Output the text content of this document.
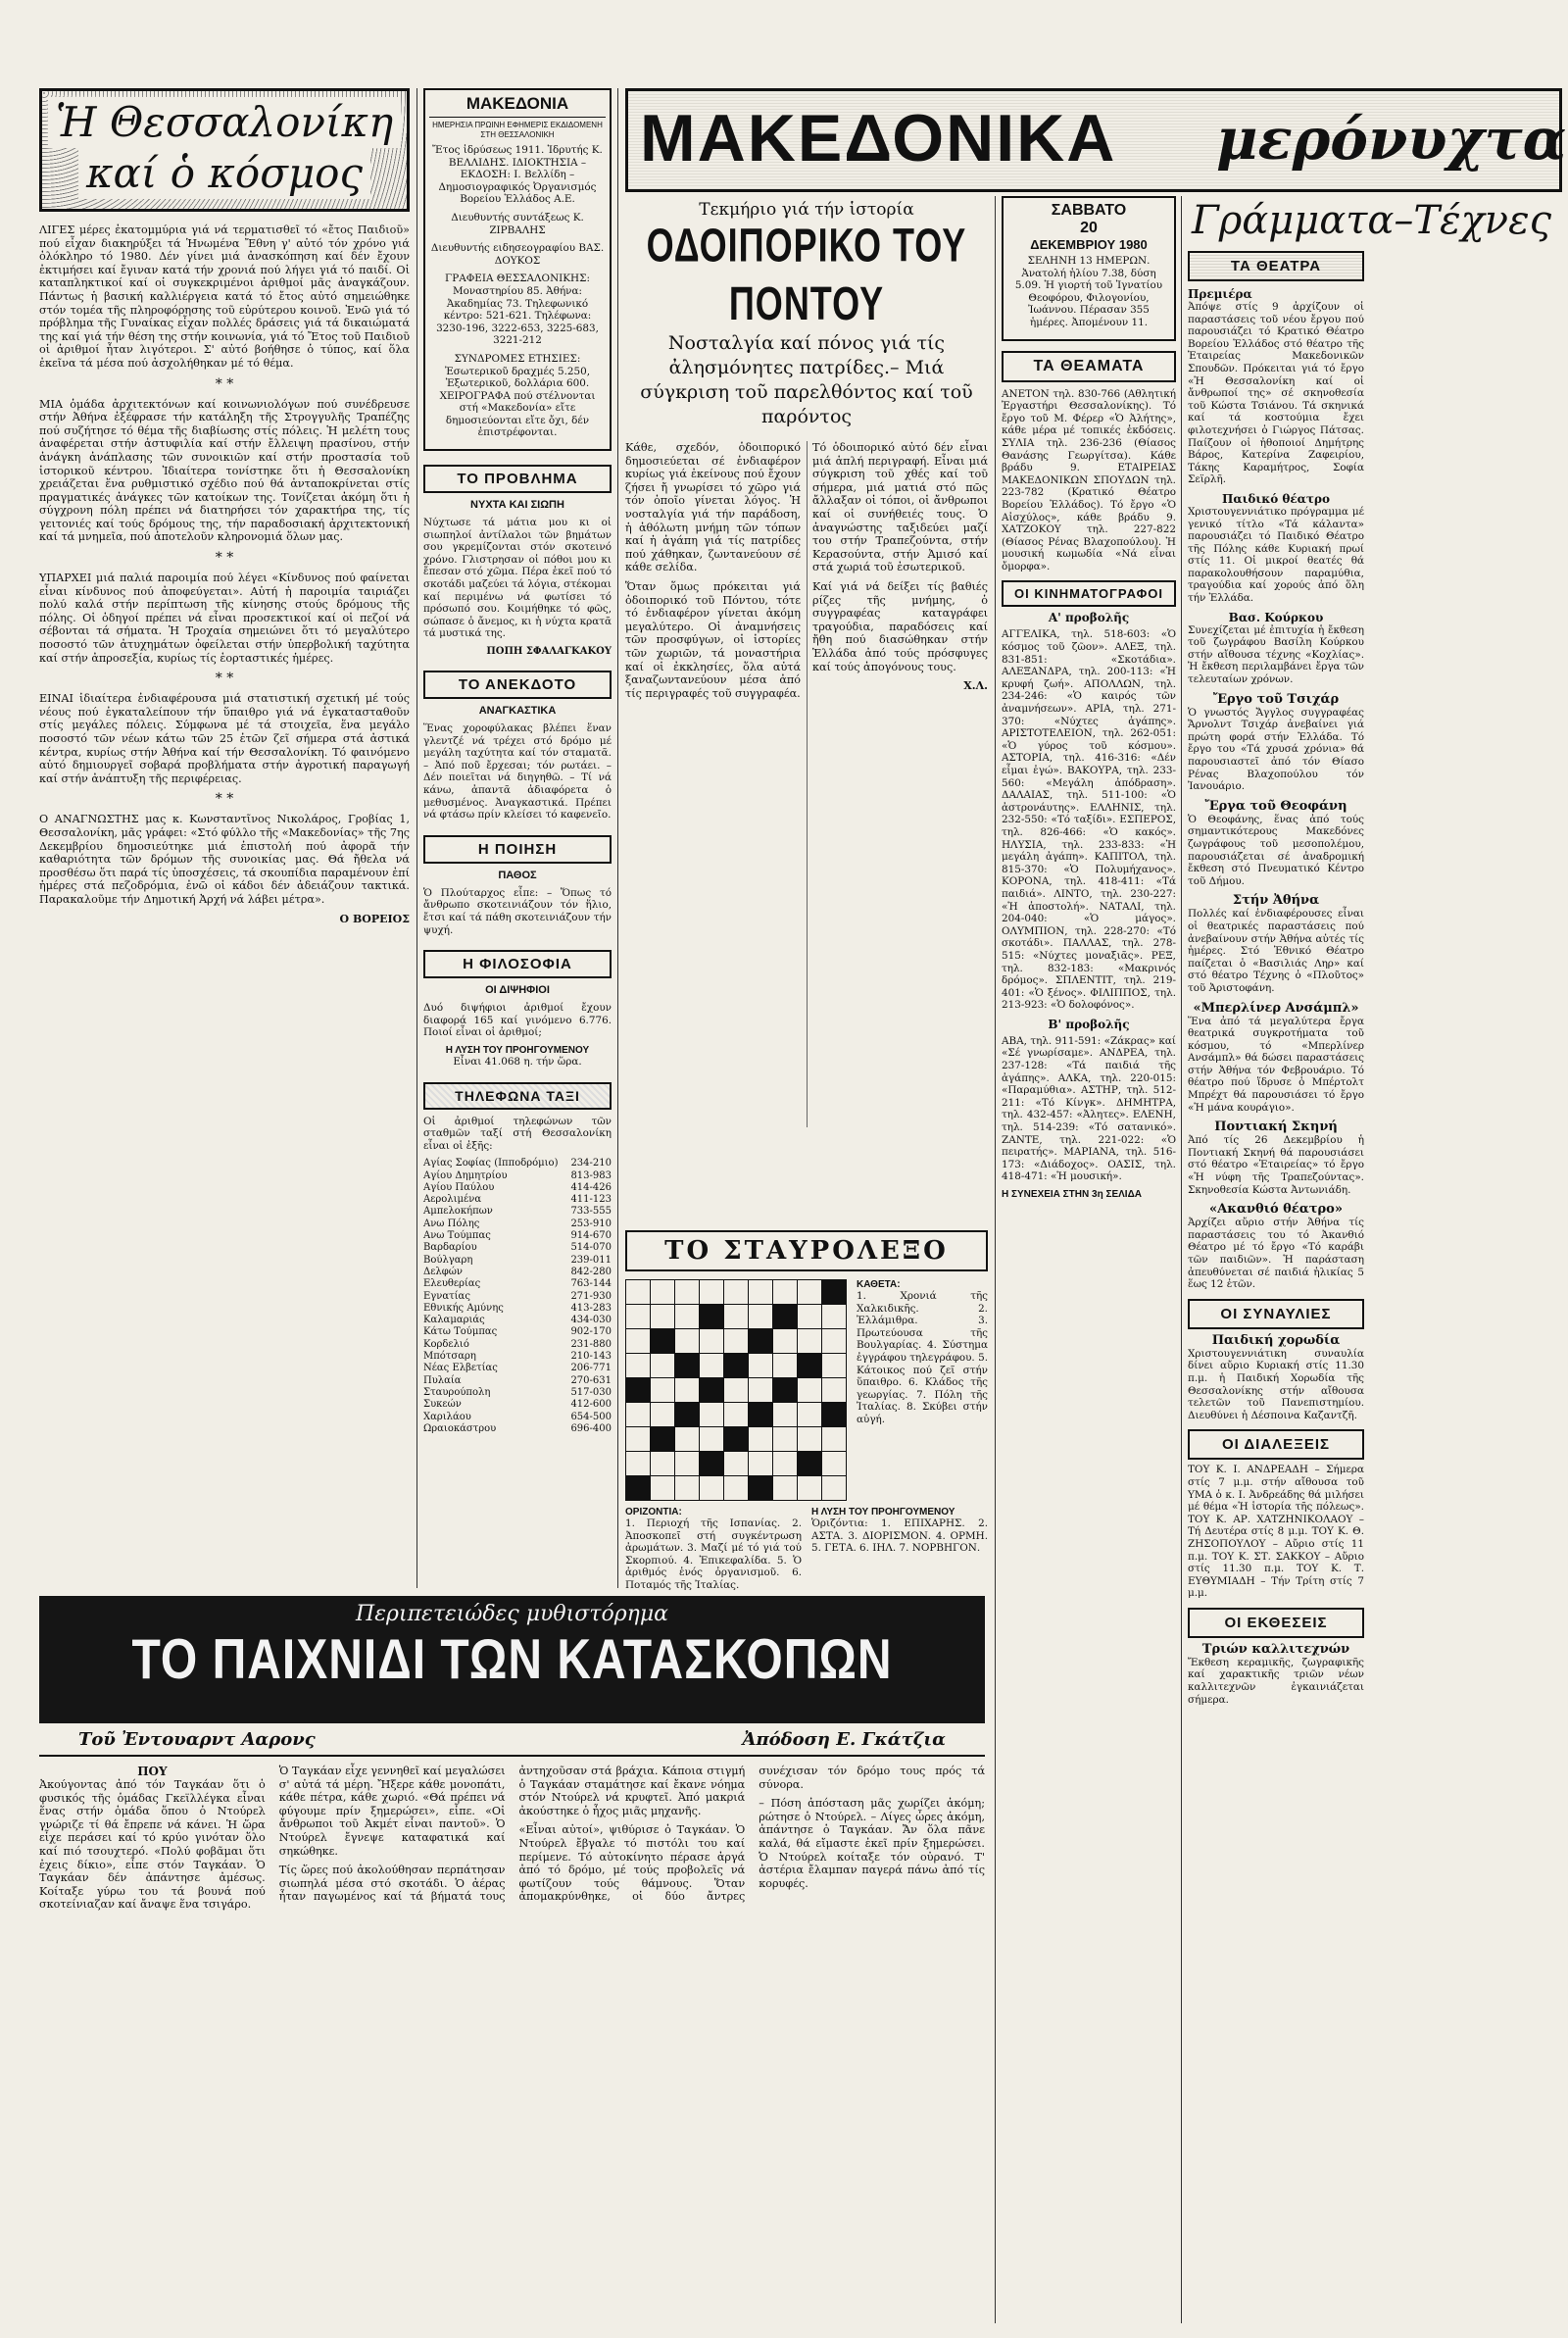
Ἡ Θεσσαλονίκη
καί ὁ κόσμος

ΛΙΓΕΣ μέρες ἐκατομμύρια γιά νά τερματισθεῖ τό «ἔτος Παιδιοῦ» πού εἶχαν διακηρύξει τά Ἡνωμένα Ἔθνη γ' αὐτό τόν χρόνο γιά ὁλόκληρο τό 1980. Δέν γίνει μιά ἀνασκόπηση καί δέν ἔχουν ἐκτιμήσει καί ἔγιναν κατά τήν χρονιά πού λήγει γιά τό παιδί. Οἱ καταπληκτικοί καί οἱ συγκεκριμένοι ἀριθμοί μᾶς ἀναγκάζουν. Πάντως ἡ βασική καλλιέργεια κατά τό ἔτος αὐτό σημειώθηκε στόν τομέα τῆς πληροφόρησης τοῦ εὐρύτερου κοινοῦ. Ἐνῶ γιά τό πρόβλημα τῆς Γυναίκας εἶχαν πολλές δράσεις γιά τά δικαιώματά της καί γιά τήν θέση της στήν κοινωνία, γιά τό Ἔτος τοῦ Παιδιοῦ οἱ ἀριθμοί ἦταν λιγότεροι. Σ' αὐτό βοήθησε ὁ τύπος, καί ὅλα ἐκεῖνα τά μέσα πού ἀσχολήθηκαν μέ τό θέμα.

* *

ΜΙΑ ὁμάδα ἀρχιτεκτόνων καί κοινωνιολόγων πού συνέδρευσε στήν Ἀθήνα ἐξέφρασε τήν κατάληξη τῆς Στρογγυλῆς Τραπέζης πού συζήτησε τό θέμα τῆς διαβίωσης στίς πόλεις. Ἡ μελέτη τους ἀναφέρεται στήν ἀστυφιλία καί στήν ἔλλειψη πρασίνου, στήν ἀνάγκη ἀνάπλασης τῶν συνοικιῶν καί στήν προστασία τοῦ ἱστορικοῦ κέντρου. Ἰδιαίτερα τονίστηκε ὅτι ἡ Θεσσαλονίκη χρειάζεται ἕνα ρυθμιστικό σχέδιο πού θά ἀνταποκρίνεται στίς πραγματικές ἀνάγκες τῶν κατοίκων της. Τονίζεται ἀκόμη ὅτι ἡ σύγχρονη πόλη πρέπει νά διατηρήσει τόν χαρακτήρα της, τίς γειτονιές καί τούς δρόμους της, τήν παραδοσιακή ἀρχιτεκτονική καί τά μνημεῖα, πού ἀποτελοῦν κληρονομιά ὅλων μας.

* *

ΥΠΑΡΧΕΙ μιά παλιά παροιμία πού λέγει «Κίνδυνος πού φαίνεται εἶναι κίνδυνος πού ἀποφεύγεται». Αὐτή ἡ παροιμία ταιριάζει πολύ καλά στήν περίπτωση τῆς κίνησης στούς δρόμους τῆς πόλης. Οἱ ὁδηγοί πρέπει νά εἶναι προσεκτικοί καί οἱ πεζοί νά σέβονται τά σήματα. Ἡ Τροχαία σημειώνει ὅτι τό μεγαλύτερο ποσοστό τῶν ἀτυχημάτων ὀφείλεται στήν ὑπερβολική ταχύτητα καί στήν ἀπροσεξία, κυρίως τίς ἑορταστικές ἡμέρες.

* *

ΕΙΝΑΙ ἰδιαίτερα ἐνδιαφέρουσα μιά στατιστική σχετική μέ τούς νέους πού ἐγκαταλείπουν τήν ὕπαιθρο γιά νά ἐγκατασταθοῦν στίς μεγάλες πόλεις. Σύμφωνα μέ τά στοιχεῖα, ἕνα μεγάλο ποσοστό τῶν νέων κάτω τῶν 25 ἐτῶν ζεῖ σήμερα στά ἀστικά κέντρα, κυρίως στήν Ἀθήνα καί τήν Θεσσαλονίκη. Τό φαινόμενο αὐτό δημιουργεῖ σοβαρά προβλήματα στήν ἀγροτική παραγωγή καί στήν ἀνάπτυξη τῆς περιφέρειας.

* *

Ο ΑΝΑΓΝΩΣΤΗΣ μας κ. Κωνσταντῖνος Νικολάρος, Γροβίας 1, Θεσσαλονίκη, μᾶς γράφει: «Στό φύλλο τῆς «Μακεδονίας» τῆς 7ης Δεκεμβρίου δημοσιεύτηκε μιά ἐπιστολή πού ἀφορᾶ τήν καθαριότητα τῶν δρόμων τῆς συνοικίας μας. Θά ἤθελα νά προσθέσω ὅτι παρά τίς ὑποσχέσεις, τά σκουπίδια παραμένουν ἐπί ἡμέρες στά πεζοδρόμια, ἐνῶ οἱ κάδοι δέν ἀδειάζουν τακτικά. Παρακαλοῦμε τήν Δημοτική Ἀρχή νά λάβει μέτρα».

Ο ΒΟΡΕΙΟΣ
ΜΑΚΕΔΟΝΙΑ
ΗΜΕΡΗΣΙΑ ΠΡΩΙΝΗ ΕΦΗΜΕΡΙΣ ΕΚΔΙΔΟΜΕΝΗ ΣΤΗ ΘΕΣΣΑΛΟΝΙΚΗ
Ἔτος ἱδρύσεως 1911. Ἱδρυτής Κ. ΒΕΛΛΙΔΗΣ. ΙΔΙΟΚΤΗΣΙΑ – ΕΚΔΟΣΗ: Ι. Βελλίδη – Δημοσιογραφικός Ὀργανισμός Βορείου Ἑλλάδος Α.Ε.
Διευθυντής συντάξεως Κ. ΖΙΡΒΑΛΗΣ
Διευθυντής ειδησεογραφίου ΒΑΣ. ΔΟΥΚΟΣ
ΓΡΑΦΕΙΑ ΘΕΣΣΑΛΟΝΙΚΗΣ: Μοναστηρίου 85. Ἀθήνα: Ἀκαδημίας 73. Τηλεφωνικό κέντρο: 521-621. Τηλέφωνα: 3230-196, 3222-653, 3225-683, 3221-212
ΣΥΝΔΡΟΜΕΣ ΕΤΗΣΙΕΣ: Ἐσωτερικοῦ δραχμές 5.250, Ἐξωτερικοῦ, δολλάρια 600. ΧΕΙΡΟΓΡΑΦΑ πού στέλνονται στή «Μακεδονία» εἴτε δημοσιεύονται εἴτε ὄχι, δέν ἐπιστρέφονται.
ΤΟ ΠΡΟΒΛΗΜΑ
ΝΥΧΤΑ ΚΑΙ ΣΙΩΠΗ

Νύχτωσε τά μάτια μου κι οἱ σιωπηλοί ἀντίλαλοι τῶν βημάτων σου γκρεμίζονται στόν σκοτεινό χρόνο. Γλιστρησαν οἱ πόθοι μου κι ἔπεσαν στό χῶμα. Πέρα ἐκεῖ πού τό σκοτάδι μαζεύει τά λόγια, στέκομαι καί περιμένω νά φωτίσει τό πρόσωπό σου. Κοιμήθηκε τό φῶς, σώπασε ὁ ἄνεμος, κι ἡ νύχτα κρατᾶ τά μυστικά της.

ΠΟΠΗ ΣΦΑΛΑΓΚΑΚΟΥ
ΤΟ ΑΝΕΚΔΟΤΟ
ΑΝΑΓΚΑΣΤΙΚΑ

Ἕνας χοροφύλακας βλέπει ἕναν γλεντζέ νά τρέχει στό δρόμο μέ μεγάλη ταχύτητα καί τόν σταματᾶ. – Ἀπό ποῦ ἔρχεσαι; τόν ρωτάει. – Δέν ποιεῖται νά διηγηθῶ. – Τί νά κάνω, ἀπαντᾶ ἀδιαφόρετα ὁ μεθυσμένος. Ἀναγκαστικά. Πρέπει νά φτάσω πρίν κλείσει τό καφενεῖο.

Η ΠΟΙΗΣΗ
ΠΑΘΟΣ

Ὁ Πλούταρχος εἶπε: – Ὅπως τό ἄνθρωπο σκοτεινιάζουν τόν ἥλιο, ἔτσι καί τά πάθη σκοτεινιάζουν τήν ψυχή.

Η ΦΙΛΟΣΟΦΙΑ
ΟΙ ΔΙΨΗΦΙΟΙ

Δυό διψήφιοι ἀριθμοί ἔχουν διαφορά 165 καί γινόμενο 6.776. Ποιοί εἶναι οἱ ἀριθμοί;

Η ΛΥΣΗ ΤΟΥ ΠΡΟΗΓΟΥΜΕΝΟΥ

Εἶναι 41.068 η. τήν ὥρα.

ΤΗΛΕΦΩΝΑ ΤΑΞΙ

Οἱ ἀριθμοί τηλεφώνων τῶν σταθμῶν ταξί στή Θεσσαλονίκη εἶναι οἱ ἑξῆς:

Αγίας Σοφίας (Ιπποδρόμιο)	234-210
Αγίου Δημητρίου	813-983
Αγίου Παύλου	414-426
Αερολιμένα	411-123
Αμπελοκήπων	733-555
Ανω Πόλης	253-910
Ανω Τούμπας	914-670
Βαρδαρίου	514-070
Βούλγαρη	239-011
Δελφών	842-280
Ελευθερίας	763-144
Εγνατίας	271-930
Εθνικής Αμύνης	413-283
Καλαμαριάς	434-030
Κάτω Τούμπας	902-170
Κορδελιό	231-880
Μπότσαρη	210-143
Νέας Ελβετίας	206-771
Πυλαία	270-631
Σταυρούπολη	517-030
Συκεών	412-600
Χαριλάου	654-500
Ωραιοκάστρου	696-400
ΜΑΚΕΔΟΝΙΚΑ μερόνυχτα
Τεκμήριο γιά τήν ἱστορία
ΟΔΟΙΠΟΡΙΚΟ ΤΟΥ ΠΟΝΤΟΥ
Νοσταλγία καί πόνος γιά τίς ἀλησμόνητες πατρίδες.– Μιά σύγκριση τοῦ παρελθόντος καί τοῦ παρόντος

Κάθε, σχεδόν, ὁδοιπορικό δημοσιεύεται σέ ἐνδιαφέρον κυρίως γιά ἐκείνους πού ἔχουν ζήσει ἤ γνωρίσει τό χῶρο γιά τόν ὁποῖο γίνεται λόγος. Ἡ νοσταλγία γιά τήν παράδοση, ἡ ἀθόλωτη μνήμη τῶν τόπων καί ἡ ἀγάπη γιά τίς πατρίδες πού χάθηκαν, ζωντανεύουν σέ κάθε σελίδα.

Ὅταν ὅμως πρόκειται γιά ὁδοιπορικό τοῦ Πόντου, τότε τό ἐνδιαφέρον γίνεται ἀκόμη μεγαλύτερο. Οἱ ἀναμνήσεις τῶν προσφύγων, οἱ ἱστορίες τῶν χωριῶν, τά μοναστήρια καί οἱ ἐκκλησίες, ὅλα αὐτά ξαναζωντανεύουν μέσα ἀπό τίς περιγραφές τοῦ συγγραφέα.

Τό ὁδοιπορικό αὐτό δέν εἶναι μιά ἁπλή περιγραφή. Εἶναι μιά σύγκριση τοῦ χθές καί τοῦ σήμερα, μιά ματιά στό πῶς ἄλλαξαν οἱ τόποι, οἱ ἄνθρωποι καί οἱ συνήθειές τους. Ὁ ἀναγνώστης ταξιδεύει μαζί του στήν Τραπεζούντα, στήν Κερασούντα, στήν Ἀμισό καί στά χωριά τοῦ ἐσωτερικοῦ.

Καί γιά νά δείξει τίς βαθιές ρίζες τῆς μνήμης, ὁ συγγραφέας καταγράφει τραγούδια, παραδόσεις καί ἤθη πού διασώθηκαν στήν Ἑλλάδα ἀπό τούς πρόσφυγες καί τούς ἀπογόνους τους.

Χ.Λ.
ΤΟ ΣΤΑΥΡΟΛΕΞΟ

ΚΑΘΕΤΑ:

1. Χρονιά τῆς Χαλκιδικῆς. 2. Ἐλλάμιθρα. 3. Πρωτεύουσα τῆς Βουλγαρίας. 4. Σύστημα ἐγγράφου τηλεγράφου. 5. Κάτοικος πού ζεῖ στήν ὕπαιθρο. 6. Κλάδος τῆς γεωργίας. 7. Πόλη τῆς Ἰταλίας. 8. Σκύβει στήν αὐγή.

ΟΡΙΖΟΝΤΙΑ:

1. Περιοχή τῆς Ισπανίας. 2. Ἀποσκοπεῖ στή συγκέντρωση ἀρωμάτων. 3. Μαζί μέ τό γιά τού Σκορπιού. 4. Ἐπικεφαλίδα. 5. Ὁ ἀριθμός ἑνός ὀργανισμοῦ. 6. Ποταμός τῆς Ἰταλίας.

Η ΛΥΣΗ ΤΟΥ ΠΡΟΗΓΟΥΜΕΝΟΥ

Ὁριζόντια: 1. ΕΠΙΧΑΡΗΣ. 2. ΑΣΤΑ. 3. ΔΙΟΡΙΣΜΟΝ. 4. ΟΡΜΗ. 5. ΓΕΤΑ. 6. ΙΗΛ. 7. ΝΟΡΒΗΓΟΝ.

ΣΑΒΒΑΤΟ
20
ΔΕΚΕΜΒΡΙΟΥ 1980
ΣΕΛΗΝΗ 13 ΗΜΕΡΩΝ. Ἀνατολή ἡλίου 7.38, δύση 5.09. Ἡ γιορτή τοῦ Ἰγνατίου Θεοφόρου, Φιλογονίου, Ἰωάννου. Πέρασαν 355 ἡμέρες. Ἀπομένουν 11.
ΤΑ ΘΕΑΜΑΤΑ

ΑΝΕΤΟΝ τηλ. 830-766 (Αθλητική Ἐργαστήρι Θεσσαλονίκης). Τό ἔργο τοῦ Μ. Φέρερ «Ὁ Ἀλήτης», κάθε μέρα μέ τοπικές ἐκδόσεις. ΣΥΛΙΑ τηλ. 236-236 (Θίασος Θανάσης Γεωργίτσα). Κάθε βράδυ 9. ΕΤΑΙΡΕΙΑΣ ΜΑΚΕΔΟΝΙΚΩΝ ΣΠΟΥΔΩΝ τηλ. 223-782 (Κρατικό Θέατρο Βορείου Ἑλλάδος). Τό ἔργο «Ὁ Αἰσχύλος», κάθε βράδυ 9. ΧΑΤΖΟΚΟΥ τηλ. 227-822 (Θίασος Ρένας Βλαχοπούλου). Ἡ μουσική κωμωδία «Νά εἶναι ὄμορφα».

ΟΙ ΚΙΝΗΜΑΤΟΓΡΑΦΟΙ
Α' προβολῆς

ΑΓΓΕΛΙΚΑ, τηλ. 518-603: «Ὁ κόσμος τοῦ ζῶον». ΑΛΕΞ, τηλ. 831-851: «Σκοτάδια». ΑΛΕΞΑΝΔΡΑ, τηλ. 200-113: «Ἡ κρυφή ζωή». ΑΠΟΛΛΩΝ, τηλ. 234-246: «Ὁ καιρός τῶν ἀναμνήσεων». ΑΡΙΑ, τηλ. 271-370: «Νύχτες ἀγάπης». ΑΡΙΣΤΟΤΕΛΕΙΟΝ, τηλ. 262-051: «Ὁ γύρος τοῦ κόσμου». ΑΣΤΟΡΙΑ, τηλ. 416-316: «Δέν εἶμαι ἐγώ». ΒΑΚΟΥΡΑ, τηλ. 233-560: «Μεγάλη ἀπόδραση». ΔΑΛΑΙΑΣ, τηλ. 511-100: «Ὁ ἀστρονάυτης». ΕΛΛΗΝΙΣ, τηλ. 232-550: «Τό ταξίδι». ΕΣΠΕΡΟΣ, τηλ. 826-466: «Ὁ κακός». ΗΛΥΣΙΑ, τηλ. 233-833: «Ἡ μεγάλη ἀγάπη». ΚΑΠΙΤΟΛ, τηλ. 815-370: «Ὁ Πολυμήχανος». ΚΟΡΟΝΑ, τηλ. 418-411: «Τά παιδιά». ΛΙΝΤΟ, τηλ. 230-227: «Ἡ ἀποστολή». ΝΑΤΑΛΙ, τηλ. 204-040: «Ὁ μάγος». ΟΛΥΜΠΙΟΝ, τηλ. 228-270: «Τό σκοτάδι». ΠΑΛΛΑΣ, τηλ. 278-515: «Νύχτες μοναξιᾶς». ΡΕΞ, τηλ. 832-183: «Μακρινός δρόμος». ΣΠΛΕΝΤΙΤ, τηλ. 219-401: «Ὁ ξένος». ΦΙΛΙΠΠΟΣ, τηλ. 213-923: «Ὁ δολοφόνος».

Β' προβολῆς

ΑΒΑ, τηλ. 911-591: «Ζάκρας» καί «Σέ γνωρίσαμε». ΑΝΔΡΕΑ, τηλ. 237-128: «Τά παιδιά τῆς ἀγάπης». ΑΛΚΑ, τηλ. 220-015: «Παραμύθια». ΑΣΤΗΡ, τηλ. 512-211: «Τό Κίνγκ». ΔΗΜΗΤΡΑ, τηλ. 432-457: «Ἀλητες». ΕΛΕΝΗ, τηλ. 514-239: «Τό σατανικό». ΖΑΝΤΕ, τηλ. 221-022: «Ὁ πειρατής». ΜΑΡΙΑΝΑ, τηλ. 516-173: «Διάδοχος». ΟΑΣΙΣ, τηλ. 418-471: «Ἡ μουσική».

Η ΣΥΝΕΧΕΙΑ ΣΤΗΝ 3η ΣΕΛΙΔΑ
Γράμματα–Τέχνες
ΤΑ ΘΕΑΤΡΑ
Πρεμιέρα

Ἀπόψε στίς 9 ἀρχίζουν οἱ παραστάσεις τοῦ νέου ἔργου πού παρουσιάζει τό Κρατικό Θέατρο Βορείου Ἑλλάδος στό θέατρο τῆς Ἑταιρείας Μακεδονικῶν Σπουδῶν. Πρόκειται γιά τό ἔργο «Ἡ Θεσσαλονίκη καί οἱ ἄνθρωποί της» σέ σκηνοθεσία τοῦ Κώστα Τσιάνου. Τά σκηνικά καί τά κοστούμια ἔχει φιλοτεχνήσει ὁ Γιώργος Πάτσας. Παίζουν οἱ ἠθοποιοί Δημήτρης Βάρος, Κατερίνα Ζαφειρίου, Τάκης Καραμήτρος, Σοφία Σεϊρλῆ.

Παιδικό θέατρο

Χριστουγεννιάτικο πρόγραμμα μέ γενικό τίτλο «Τά κάλαντα» παρουσιάζει τό Παιδικό Θέατρο τῆς Πόλης κάθε Κυριακή πρωί στίς 11. Οἱ μικροί θεατές θά παρακολουθήσουν παραμύθια, τραγούδια καί χορούς ἀπό ὅλη τήν Ἑλλάδα.

Βασ. Κούρκου

Συνεχίζεται μέ ἐπιτυχία ἡ ἔκθεση τοῦ ζωγράφου Βασίλη Κούρκου στήν αἴθουσα τέχνης «Κοχλίας». Ἡ ἔκθεση περιλαμβάνει ἔργα τῶν τελευταίων χρόνων.

Ἔργο τοῦ Τσιχάρ

Ὁ γνωστός Ἄγγλος συγγραφέας Ἄρνολντ Τσιχάρ ἀνεβαίνει γιά πρώτη φορά στήν Ἑλλάδα. Τό ἔργο του «Τά χρυσά χρόνια» θά παρουσιαστεῖ ἀπό τόν Θίασο Ρένας Βλαχοπούλου τόν Ἰανουάριο.

Ἔργα τοῦ Θεοφάνη

Ὁ Θεοφάνης, ἕνας ἀπό τούς σημαντικότερους Μακεδόνες ζωγράφους τοῦ μεσοπολέμου, παρουσιάζεται σέ ἀναδρομική ἔκθεση στό Πνευματικό Κέντρο τοῦ Δήμου.

Στήν Ἀθήνα

Πολλές καί ἐνδιαφέρουσες εἶναι οἱ θεατρικές παραστάσεις πού ἀνεβαίνουν στήν Ἀθήνα αὐτές τίς ἡμέρες. Στό Ἐθνικό Θέατρο παίζεται ὁ «Βασιλιάς Ληρ» καί στό θέατρο Τέχνης ὁ «Πλοῦτος» τοῦ Ἀριστοφάνη.

«Μπερλίνερ Ανσάμπλ»

Ἕνα ἀπό τά μεγαλύτερα ἔργα θεατρικά συγκροτήματα τοῦ κόσμου, τό «Μπερλίνερ Ανσάμπλ» θά δώσει παραστάσεις στήν Ἀθήνα τόν Φεβρουάριο. Τό θέατρο πού ἵδρυσε ὁ Μπέρτολτ Μπρέχτ θά παρουσιάσει τό ἔργο «Ἡ μάνα κουράγιο».

Ποντιακή Σκηνή

Ἀπό τίς 26 Δεκεμβρίου ἡ Ποντιακή Σκηνή θά παρουσιάσει στό θέατρο «Ἑταιρείας» τό ἔργο «Ἡ νύφη τῆς Τραπεζούντας». Σκηνοθεσία Κώστα Ἀντωνιάδη.

«Ακανθιό θέατρο»

Ἀρχίζει αὔριο στήν Ἀθήνα τίς παραστάσεις του τό Ἀκανθιό Θέατρο μέ τό ἔργο «Τό καράβι τῶν παιδιῶν». Ἡ παράσταση ἀπευθύνεται σέ παιδιά ἡλικίας 5 ἕως 12 ἐτῶν.

ΟΙ ΣΥΝΑΥΛΙΕΣ
Παιδική χορωδία

Χριστουγεννιάτικη συναυλία δίνει αὔριο Κυριακή στίς 11.30 π.μ. ἡ Παιδική Χορωδία τῆς Θεσσαλονίκης στήν αἴθουσα τελετῶν τοῦ Πανεπιστημίου. Διευθύνει ἡ Δέσποινα Καζαντζῆ.

ΟΙ ΔΙΑΛΕΞΕΙΣ

ΤΟΥ Κ. Ι. ΑΝΔΡΕΑΔΗ – Σήμερα στίς 7 μ.μ. στήν αἴθουσα τοῦ ΥΜΑ ὁ κ. Ι. Ἀνδρεάδης θά μιλήσει μέ θέμα «Ἡ ἱστορία τῆς πόλεως». ΤΟΥ Κ. ΑΡ. ΧΑΤΖΗΝΙΚΟΛΑΟΥ – Τή Δευτέρα στίς 8 μ.μ. ΤΟΥ Κ. Θ. ΖΗΣΟΠΟΥΛΟΥ – Αὔριο στίς 11 π.μ. ΤΟΥ Κ. ΣΤ. ΣΑΚΚΟΥ – Αὔριο στίς 11.30 π.μ. ΤΟΥ Κ. Τ. ΕΥΘΥΜΙΑΔΗ – Τήν Τρίτη στίς 7 μ.μ.

ΟΙ ΕΚΘΕΣΕΙΣ
Τριών καλλιτεχνών

Ἔκθεση κεραμικῆς, ζωγραφικῆς καί χαρακτικῆς τριῶν νέων καλλιτεχνῶν ἐγκαινιάζεται σήμερα.

Περιπετειώδες μυθιστόρημα
ΤΟ ΠΑΙΧΝΙΔΙ ΤΩΝ ΚΑΤΑΣΚΟΠΩΝ
Τοῦ Ἐντουαρντ Ααρονς	Ἀπόδοση Ε. Γκάτζια
ΠΟΥ

Ἀκούγοντας ἀπό τόν Ταγκάαν ὅτι ὁ φυσικός τῆς ὁμάδας Γκεϊλλέγκα εἶναι ἕνας στήν ὁμάδα ὅπου ὁ Ντούρελ γνώριζε τί θά ἔπρεπε νά κάνει. Ἡ ὥρα εἶχε περάσει καί τό κρύο γινόταν ὅλο καί πιό τσουχτερό. «Πολύ φοβᾶμαι ὅτι ἐχεις δίκιο», εἶπε στόν Ταγκάαν. Ὁ Ταγκάαν δέν ἀπάντησε ἀμέσως. Κοίταξε γύρω του τά βουνά πού σκοτείνιαζαν καί ἄναψε ἕνα τσιγάρο.

Ὁ Ταγκάαν εἶχε γεννηθεῖ καί μεγαλώσει σ' αὐτά τά μέρη. Ἤξερε κάθε μονοπάτι, κάθε πέτρα, κάθε χωριό. «Θά πρέπει νά φύγουμε πρίν ξημερώσει», εἶπε. «Οἱ ἄνθρωποι τοῦ Ἀκμέτ εἶναι παντοῦ». Ὁ Ντούρελ ἔγνεψε καταφατικά καί σηκώθηκε.

Τίς ὥρες πού ἀκολούθησαν περπάτησαν σιωπηλά μέσα στό σκοτάδι. Ὁ ἀέρας ἦταν παγωμένος καί τά βήματά τους ἀντηχοῦσαν στά βράχια. Κάποια στιγμή ὁ Ταγκάαν σταμάτησε καί ἔκανε νόημα στόν Ντούρελ νά κρυφτεῖ. Ἀπό μακριά ἀκούστηκε ὁ ἦχος μιᾶς μηχανῆς.

«Εἶναι αὐτοί», ψιθύρισε ὁ Ταγκάαν. Ὁ Ντούρελ ἔβγαλε τό πιστόλι του καί περίμενε. Τό αὐτοκίνητο πέρασε ἀργά ἀπό τό δρόμο, μέ τούς προβολεῖς νά φωτίζουν τούς θάμνους. Ὅταν ἀπομακρύνθηκε, οἱ δύο ἄντρες συνέχισαν τόν δρόμο τους πρός τά σύνορα.

– Πόση ἀπόσταση μᾶς χωρίζει ἀκόμη; ρώτησε ὁ Ντούρελ. – Λίγες ὧρες ἀκόμη, ἀπάντησε ὁ Ταγκάαν. Ἄν ὅλα πᾶνε καλά, θά εἴμαστε ἐκεῖ πρίν ξημερώσει. Ὁ Ντούρελ κοίταξε τόν οὐρανό. Τ' ἀστέρια ἔλαμπαν παγερά πάνω ἀπό τίς κορυφές.
